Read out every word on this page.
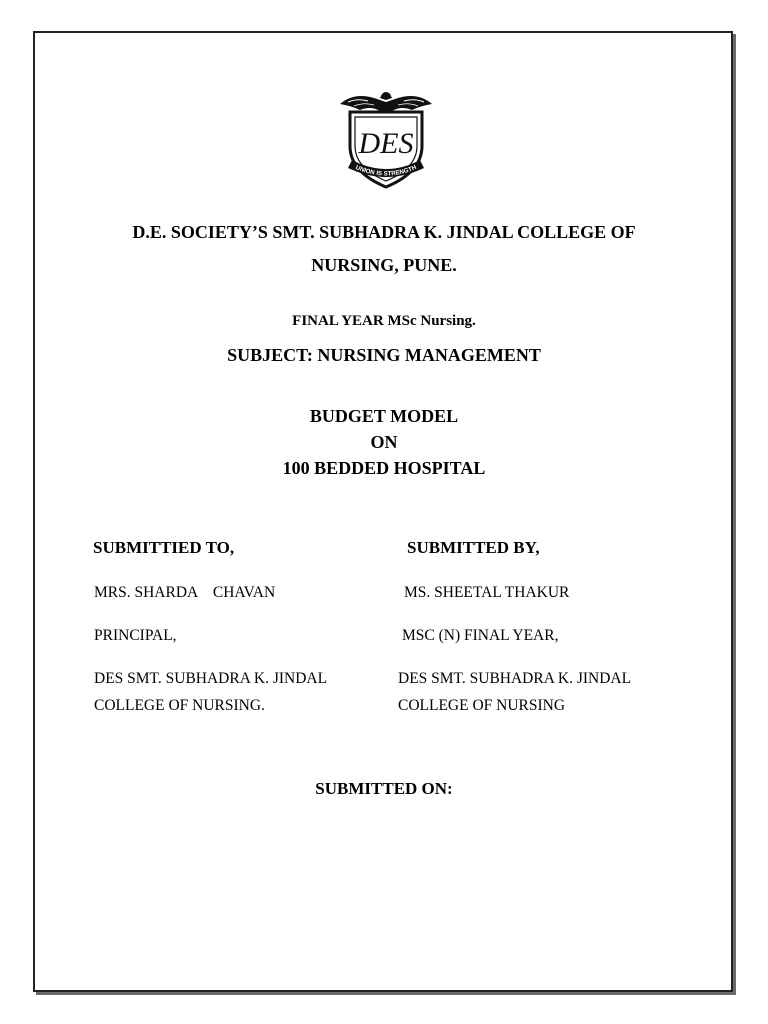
DES
UNION IS STRENGTH
D.E. SOCIETY’S SMT. SUBHADRA K. JINDAL COLLEGE OF
NURSING, PUNE.
FINAL YEAR MSc Nursing.
SUBJECT: NURSING MANAGEMENT
BUDGET MODEL
ON
100 BEDDED HOSPITAL
SUBMITTIED TO,
MRS. SHARDA    CHAVAN
PRINCIPAL,
DES SMT. SUBHADRA K. JINDAL
COLLEGE OF NURSING.
SUBMITTED BY,
MS. SHEETAL THAKUR
MSC (N) FINAL YEAR,
DES SMT. SUBHADRA K. JINDAL
COLLEGE OF NURSING
SUBMITTED ON:
